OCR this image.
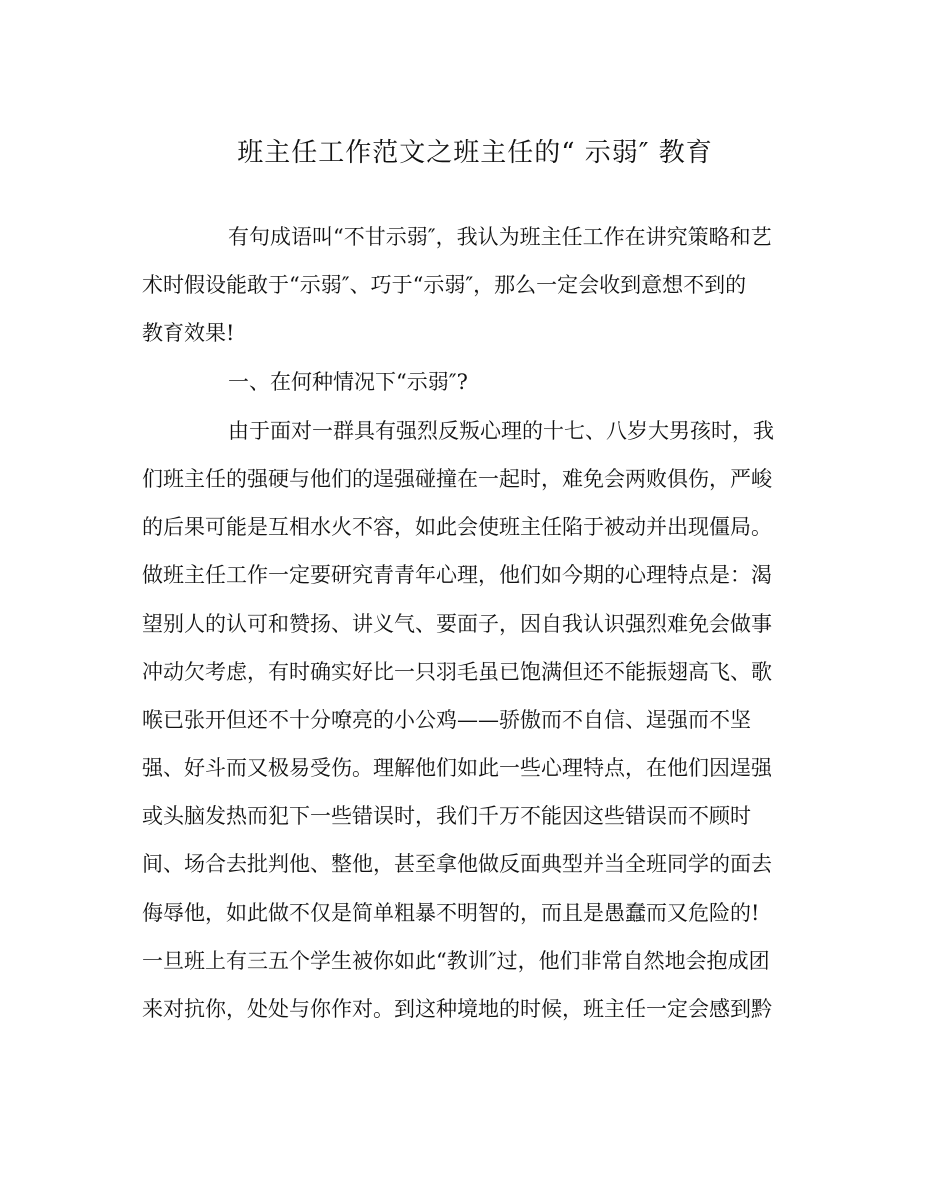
班主任工作范文之班主任的“ 示弱″ 教育
有句成语叫“不甘示弱″，我认为班主任工作在讲究策略和艺
术时假设能敢于“示弱″、巧于“示弱″，那么一定会收到意想不到的
教育效果!
一、在何种情况下“示弱″?
由于面对一群具有强烈反叛心理的十七、八岁大男孩时，我
们班主任的强硬与他们的逞强碰撞在一起时，难免会两败俱伤，严峻
的后果可能是互相水火不容，如此会使班主任陷于被动并出现僵局。
做班主任工作一定要研究青青年心理，他们如今期的心理特点是：渴
望别人的认可和赞扬、讲义气、要面子，因自我认识强烈难免会做事
冲动欠考虑，有时确实好比一只羽毛虽已饱满但还不能振翅高飞、歌
喉已张开但还不十分嘹亮的小公鸡——骄傲而不自信、逞强而不坚
强、好斗而又极易受伤。理解他们如此一些心理特点，在他们因逞强
或头脑发热而犯下一些错误时，我们千万不能因这些错误而不顾时
间、场合去批判他、整他，甚至拿他做反面典型并当全班同学的面去
侮辱他，如此做不仅是简单粗暴不明智的，而且是愚蠢而又危险的!
一旦班上有三五个学生被你如此“教训″过，他们非常自然地会抱成团
来对抗你，处处与你作对。到这种境地的时候，班主任一定会感到黔
